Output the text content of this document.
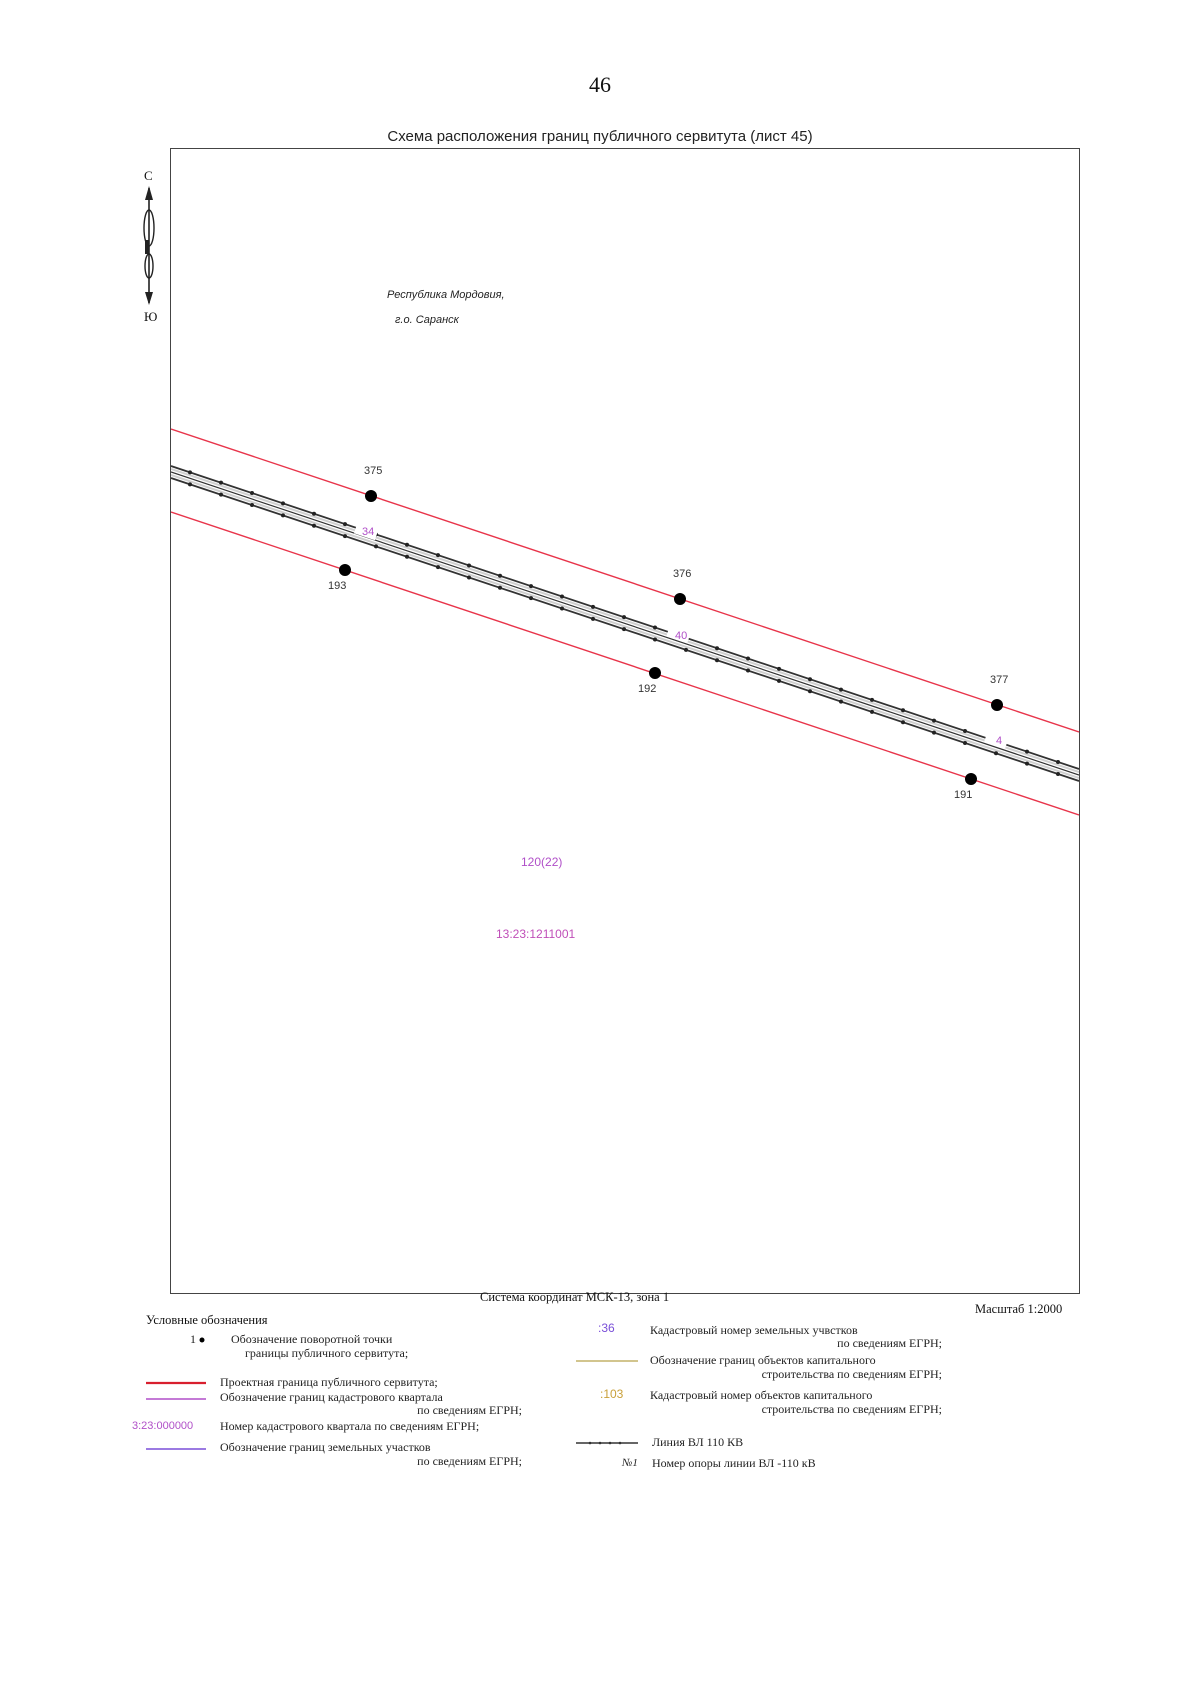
46
Схема расположения границ публичного сервитута (лист 45)
С
Ю
Республика Мордовия,
г.о. Саранск
375
376
377
193
192
191
34
40
4
120(22)
13:23:1211001
Система координат МСК-13, зона 1
Масштаб 1:2000
Условные обозначения
1	Обозначение поворотной точки
границы публичного сервитута;
Проектная граница публичного сервитута;
Обозначение границ кадастрового квартала
по сведениям ЕГРН;
3:23:000000 Номер кадастрового квартала по сведениям ЕГРН;
Обозначение границ земельных участков
по сведениям ЕГРН;
:36	Кадастровый номер земельных учвстков
по сведениям ЕГРН;
Обозначение границ объектов капитального
строительства по сведениям ЕГРН;
:103 Кадастровый номер объектов капитального
строительства по сведениям ЕГРН;
Линия ВЛ 110 КВ
№1 Номер опоры линии ВЛ -110 кВ
